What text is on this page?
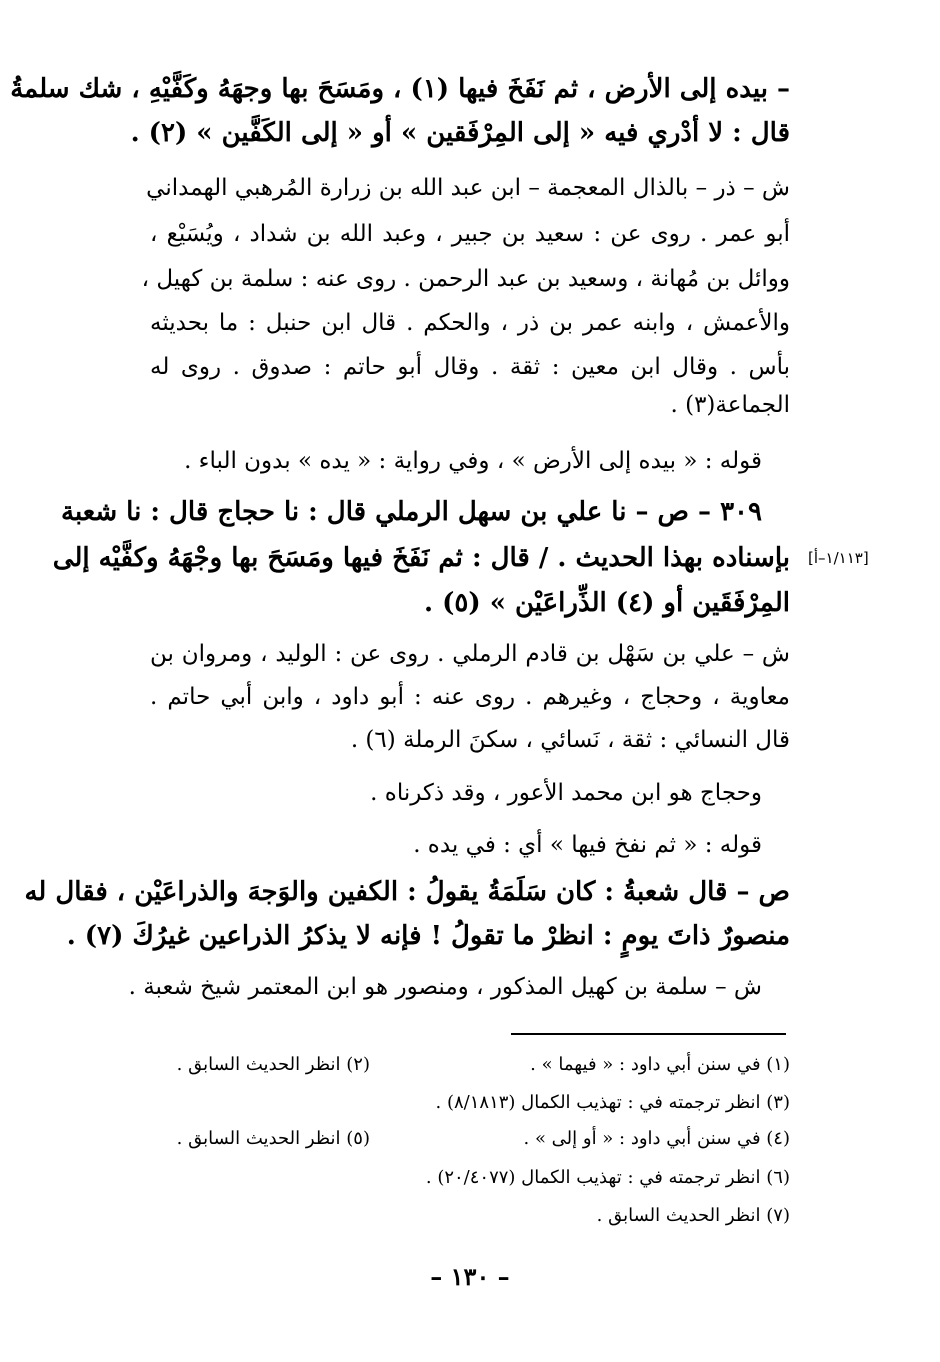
– بيده إلى الأرض ، ثم نَفَخَ فيها (١) ، ومَسَحَ بها وجهَهُ وكَفَّيْهِ ، شك سلمةُ
قال : لا أدْري فيه « إلى المِرْفَقين » أو « إلى الكَفَّين » (٢) .
ش – ذر – بالذال المعجمة – ابن عبد الله بن زرارة المُرهبي الهمداني
أبو عمر . روى عن : سعيد بن جبير ، وعبد الله بن شداد ، ويُسَيْع ،
ووائل بن مُهانة ، وسعيد بن عبد الرحمن . روى عنه : سلمة بن كهيل ،
والأعمش ، وابنه عمر بن ذر ، والحكم . قال ابن حنبل : ما بحديثه
بأس . وقال ابن معين : ثقة . وقال أبو حاتم : صدوق . روى له
الجماعة(٣) .
قوله : « بيده إلى الأرض » ، وفي رواية : « يده » بدون الباء .
٣٠٩ – ص – نا علي بن سهل الرملي قال : نا حجاج قال : نا شعبة
بإسناده بهذا الحديث . / قال : ثم نَفَخَ فيها ومَسَحَ بها وجْهَهُ وكفَّيْه إلى [١/١١٣–أ]
المِرْفَقَين أو (٤) الذِّراعَيْن » (٥) .
ش – علي بن سَهْل بن قادم الرملي . روى عن : الوليد ، ومروان بن
معاوية ، وحجاج ، وغيرهم . روى عنه : أبو داود ، وابن أبي حاتم .
قال النسائي : ثقة ، نَسائي ، سكنَ الرملة (٦) .
وحجاج هو ابن محمد الأعور ، وقد ذكرناه .
قوله : « ثم نفخ فيها » أي : في يده .
ص – قال شعبةُ : كان سَلَمَةُ يقولُ : الكفين والوَجهَ والذراعَيْن ، فقال له
منصورٌ ذاتَ يومٍ : انظرْ ما تقولُ ! فإنه لا يذكرُ الذراعين غيرُكَ (٧) .
ش – سلمة بن كهيل المذكور ، ومنصور هو ابن المعتمر شيخ شعبة .
(١) في سنن أبي داود : « فيهما » .
(٢) انظر الحديث السابق .
(٣) انظر ترجمته في : تهذيب الكمال (٨/١٨١٣) .
(٤) في سنن أبي داود : « أو إلى » .
(٥) انظر الحديث السابق .
(٦) انظر ترجمته في : تهذيب الكمال (٢٠/٤٠٧٧) .
(٧) انظر الحديث السابق .
– ١٣٠ –
